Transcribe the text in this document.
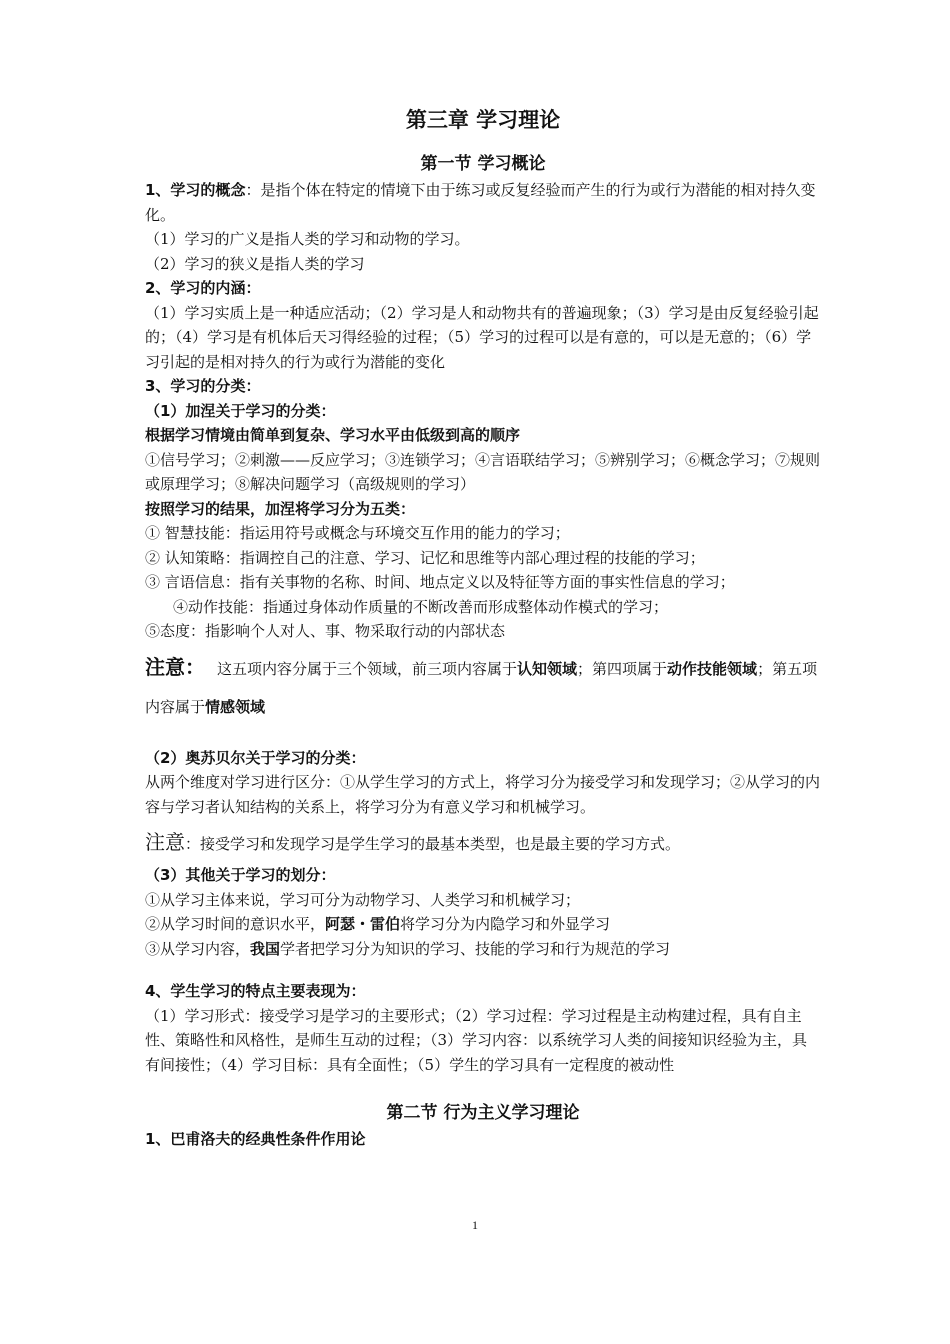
第三章 学习理论
第一节 学习概论

1、学习的概念：是指个体在特定的情境下由于练习或反复经验而产生的行为或行为潜能的相对持久变化。

（1）学习的广义是指人类的学习和动物的学习。

（2）学习的狭义是指人类的学习

2、学习的内涵：

（1）学习实质上是一种适应活动；（2）学习是人和动物共有的普遍现象；（3）学习是由反复经验引起的；（4）学习是有机体后天习得经验的过程；（5）学习的过程可以是有意的，可以是无意的；（6）学习引起的是相对持久的行为或行为潜能的变化

3、学习的分类：

（1）加涅关于学习的分类：

根据学习情境由简单到复杂、学习水平由低级到高的顺序

①信号学习；②刺激——反应学习；③连锁学习；④言语联结学习；⑤辨别学习；⑥概念学习；⑦规则或原理学习；⑧解决问题学习（高级规则的学习）

按照学习的结果，加涅将学习分为五类：

① 智慧技能：指运用符号或概念与环境交互作用的能力的学习；

② 认知策略：指调控自己的注意、学习、记忆和思维等内部心理过程的技能的学习；

③ 言语信息：指有关事物的名称、时间、地点定义以及特征等方面的事实性信息的学习；

④动作技能：指通过身体动作质量的不断改善而形成整体动作模式的学习；

⑤态度：指影响个人对人、事、物采取行动的内部状态

注意： 这五项内容分属于三个领域，前三项内容属于认知领域；第四项属于动作技能领域；第五项内容属于情感领域

（2）奥苏贝尔关于学习的分类：

从两个维度对学习进行区分：①从学生学习的方式上，将学习分为接受学习和发现学习；②从学习的内容与学习者认知结构的关系上，将学习分为有意义学习和机械学习。

注意：接受学习和发现学习是学生学习的最基本类型，也是最主要的学习方式。

（3）其他关于学习的划分：

①从学习主体来说，学习可分为动物学习、人类学习和机械学习；

②从学习时间的意识水平，阿瑟・雷伯将学习分为内隐学习和外显学习

③从学习内容，我国学者把学习分为知识的学习、技能的学习和行为规范的学习

4、学生学习的特点主要表现为：

（1）学习形式：接受学习是学习的主要形式；（2）学习过程：学习过程是主动构建过程，具有自主性、策略性和风格性，是师生互动的过程；（3）学习内容：以系统学习人类的间接知识经验为主，具有间接性；（4）学习目标：具有全面性；（5）学生的学习具有一定程度的被动性

第二节 行为主义学习理论

1、巴甫洛夫的经典性条件作用论

1
